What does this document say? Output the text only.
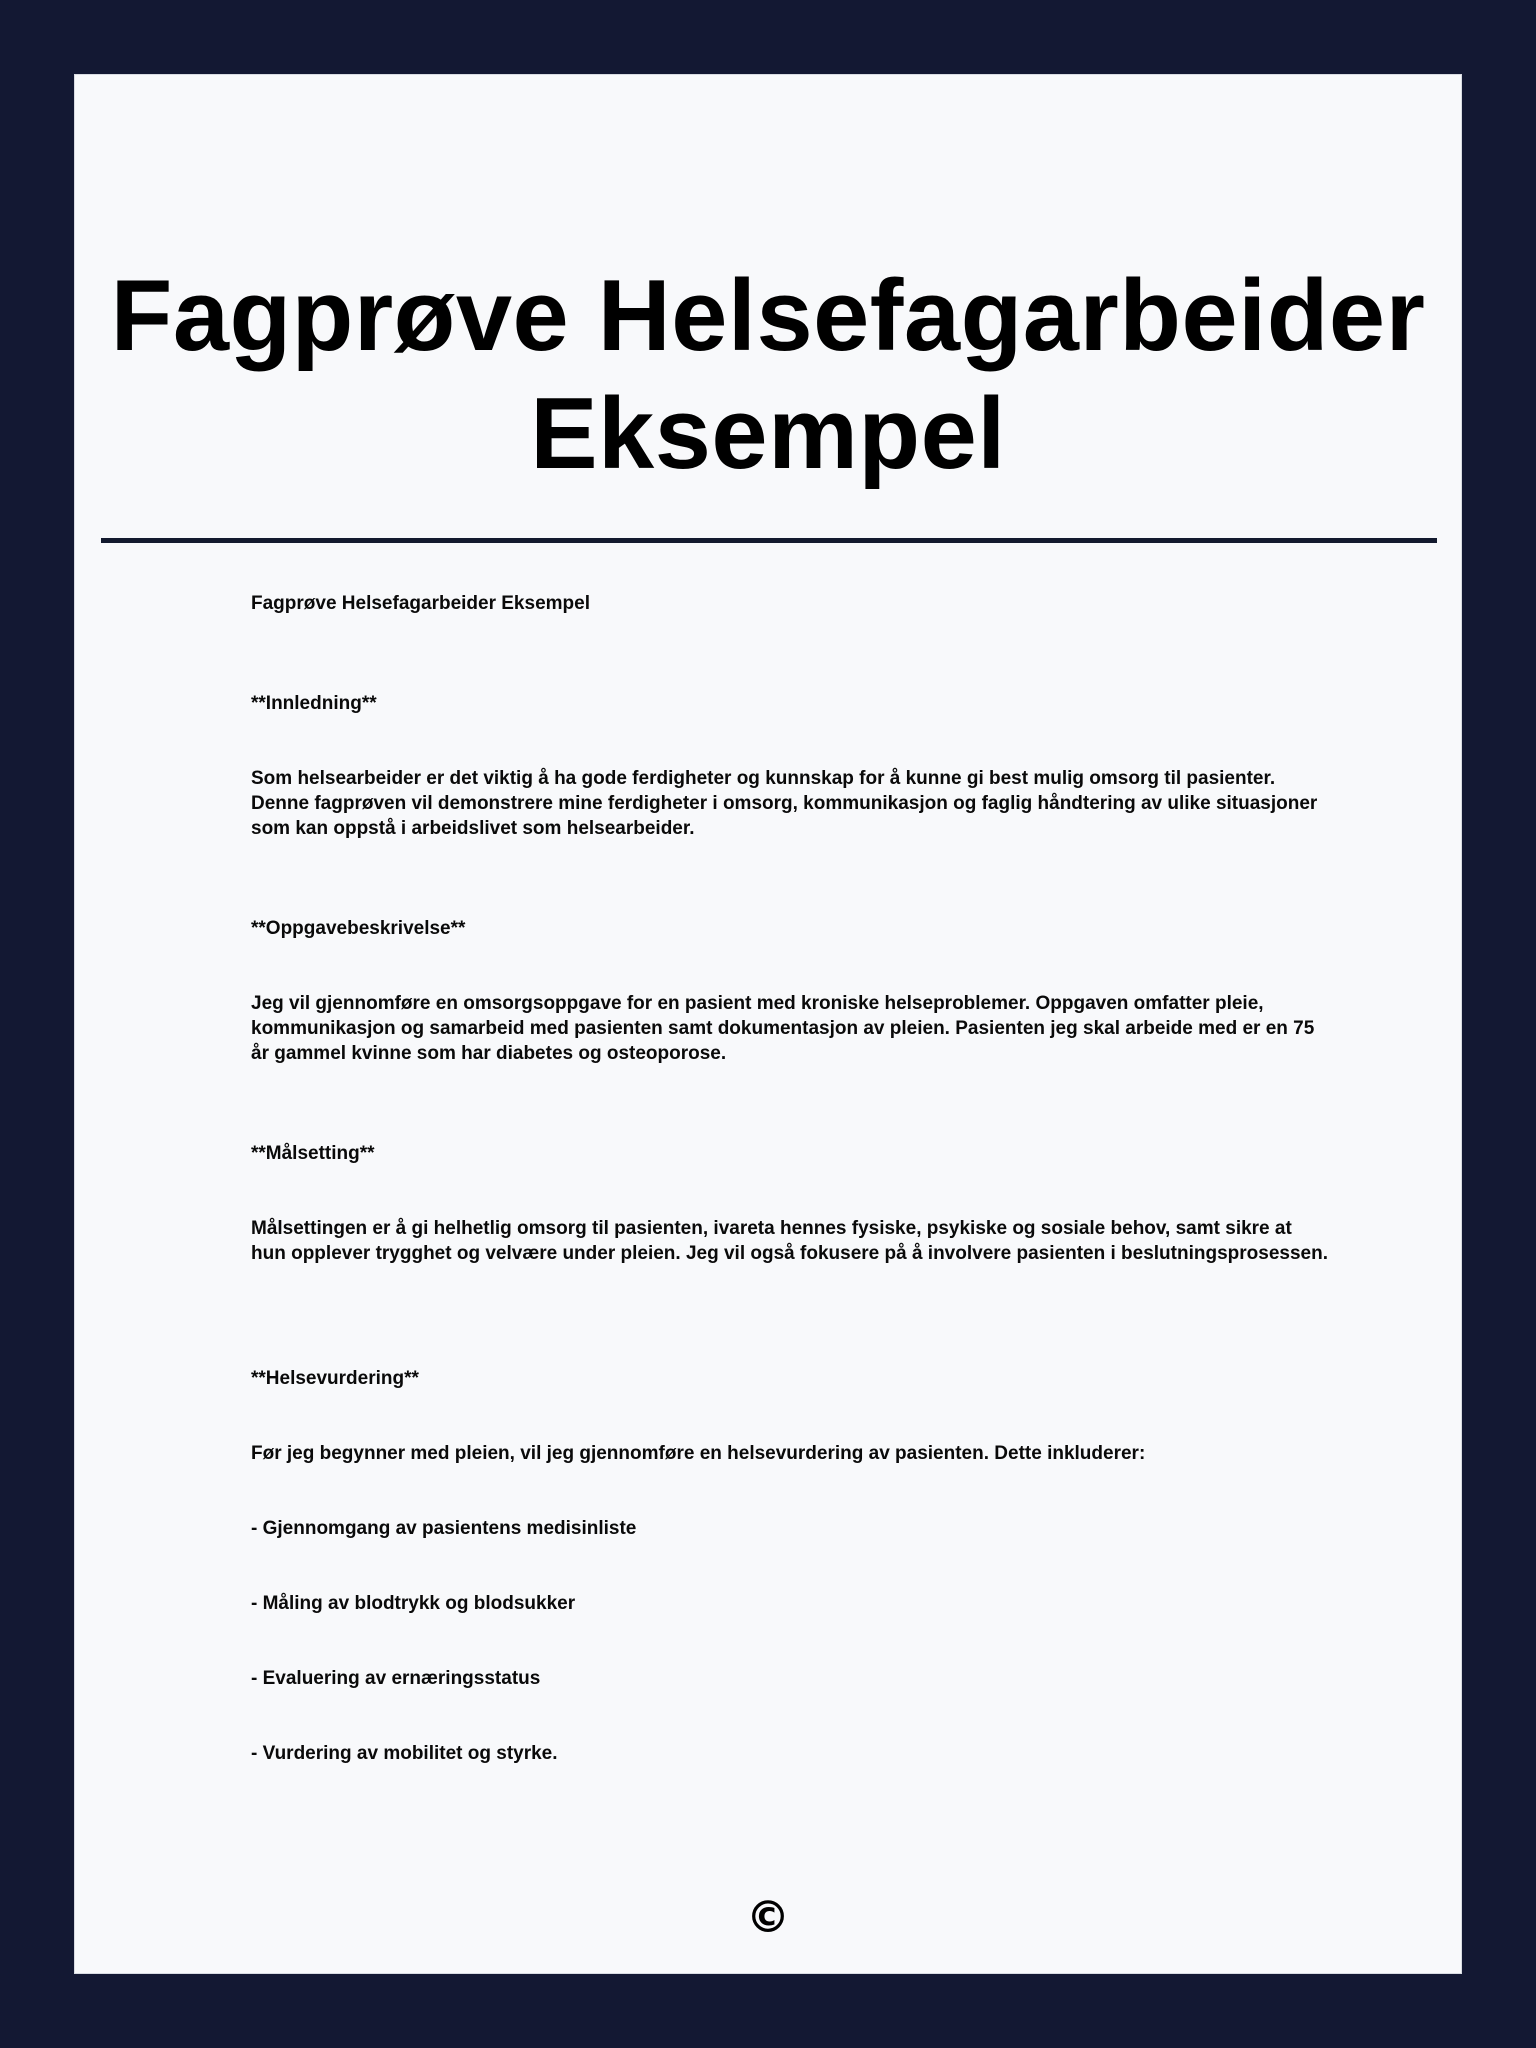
Fagprøve Helsefagarbeider Eksempel

Fagprøve Helsefagarbeider Eksempel

**Innledning**

Som helsearbeider er det viktig å ha gode ferdigheter og kunnskap for å kunne gi best mulig omsorg til pasienter. Denne fagprøven vil demonstrere mine ferdigheter i omsorg, kommunikasjon og faglig håndtering av ulike situasjoner som kan oppstå i arbeidslivet som helsearbeider.

**Oppgavebeskrivelse**

Jeg vil gjennomføre en omsorgsoppgave for en pasient med kroniske helseproblemer. Oppgaven omfatter pleie, kommunikasjon og samarbeid med pasienten samt dokumentasjon av pleien. Pasienten jeg skal arbeide med er en 75 år gammel kvinne som har diabetes og osteoporose.

**Målsetting**

Målsettingen er å gi helhetlig omsorg til pasienten, ivareta hennes fysiske, psykiske og sosiale behov, samt sikre at hun opplever trygghet og velvære under pleien. Jeg vil også fokusere på å involvere pasienten i beslutningsprosessen.

**Helsevurdering**

Før jeg begynner med pleien, vil jeg gjennomføre en helsevurdering av pasienten. Dette inkluderer:

- Gjennomgang av pasientens medisinliste

- Måling av blodtrykk og blodsukker

- Evaluering av ernæringsstatus

- Vurdering av mobilitet og styrke.

©
